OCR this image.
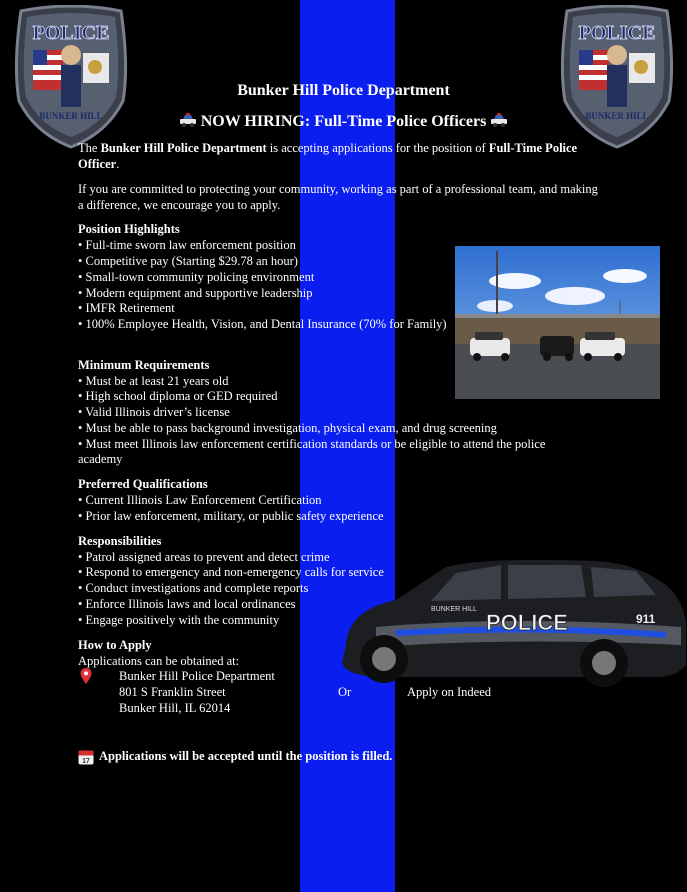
POLICE
BUNKER HILL
POLICE
BUNKER HILL
Bunker Hill Police Department
NOW HIRING: Full-Time Police Officers
The Bunker Hill Police Department is accepting applications for the position of Full-Time Police Officer.
If you are committed to protecting your community, working as part of a professional team, and making a difference, we encourage you to apply.
Position Highlights
• Full-time sworn law enforcement position
• Competitive pay (Starting $29.78 an hour)
• Small-town community policing environment
• Modern equipment and supportive leadership
• IMFR Retirement
• 100% Employee Health, Vision, and Dental Insurance (70% for Family)
Minimum Requirements
• Must be at least 21 years old
• High school diploma or GED required
• Valid Illinois driver’s license
• Must be able to pass background investigation, physical exam, and drug screening
• Must meet Illinois law enforcement certification standards or be eligible to attend the police
academy
Preferred Qualifications
• Current Illinois Law Enforcement Certification
• Prior law enforcement, military, or public safety experience
POLICE
BUNKER HILL
911
Responsibilities
• Patrol assigned areas to prevent and detect crime
• Respond to emergency and non-emergency calls for service
• Conduct investigations and complete reports
• Enforce Illinois laws and local ordinances
• Engage positively with the community
How to Apply
Applications can be obtained at:
Bunker Hill Police Department
801 S Franklin Street
Bunker Hill, IL 62014
Or	Apply on Indeed
17 Applications will be accepted until the position is filled.
